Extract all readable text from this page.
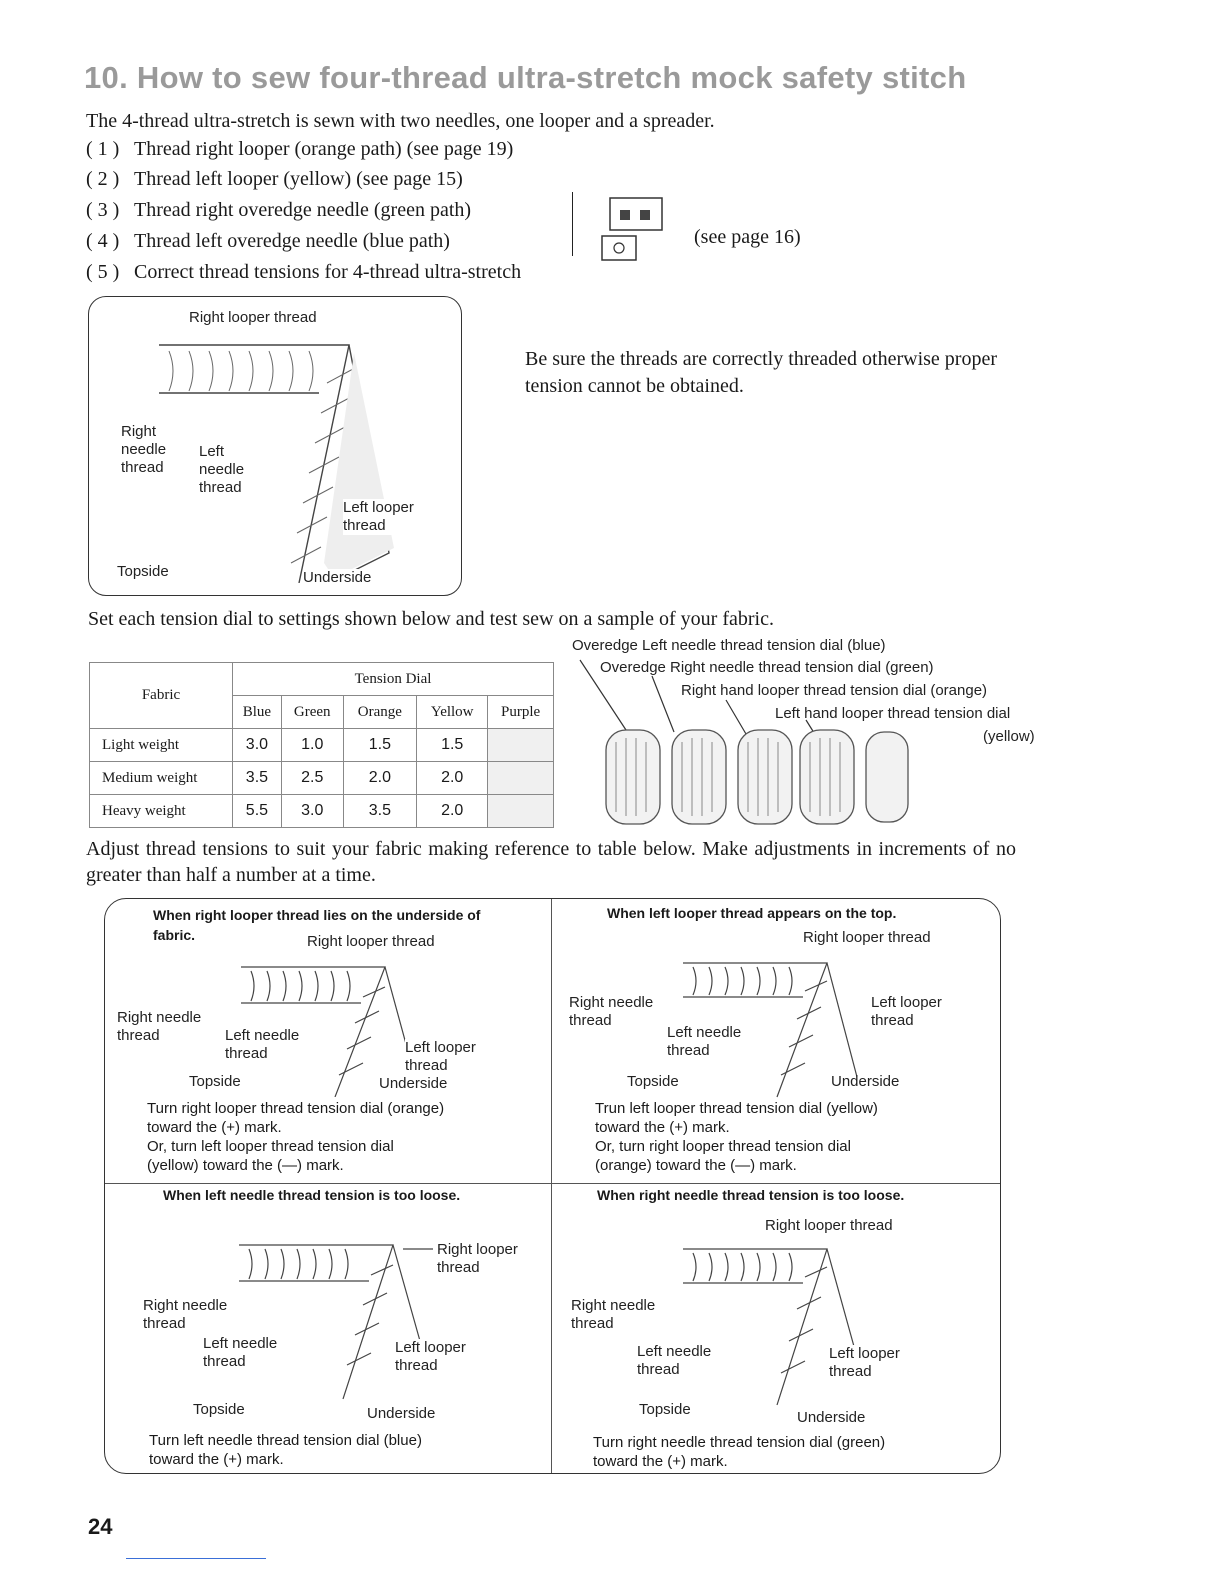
10. How to sew four-thread ultra-stretch mock safety stitch
The 4-thread ultra-stretch is sewn with two needles, one looper and a spreader.
( 1 ) Thread right looper (orange path) (see page 19)
( 2 ) Thread left looper (yellow) (see page 15)
( 3 ) Thread right overedge needle (green path)
( 4 ) Thread left overedge needle (blue path)
( 5 ) Correct thread tensions for 4-thread ultra-stretch
(see page 16)
Right looper thread
Right
needle
thread
Left
needle
thread
Left looper
thread
Topside	Underside
Be sure the threads are correctly threaded otherwise proper tension cannot be obtained.
Set each tension dial to settings shown below and test sew on a sample of your fabric.
Fabric	Tension Dial				
	Blue	Green	Orange	Yellow	Purple
Light weight	3.0	1.0	1.5	1.5	
Medium weight	3.5	2.5	2.0	2.0	
Heavy weight	5.5	3.0	3.5	2.0	
Overedge Left needle thread tension dial (blue)
Overedge Right needle thread tension dial (green)
Right hand looper thread tension dial (orange)
Left hand looper thread tension dial
(yellow)
Adjust thread tensions to suit your fabric making reference to table below. Make adjustments in increments of no greater than half a number at a time.
When right looper thread lies on the underside of fabric.	Right looper thread
Right needle
thread	Left needle
thread	Left looper
thread
Topside	Underside
Turn right looper thread tension dial (orange)
toward the (+) mark.
Or, turn left looper thread tension dial
(yellow) toward the (—) mark.
When left looper thread appears on the top.
Right looper thread
Right needle
thread
Left needle
thread
Left looper
thread
Topside	Underside
Trun left looper thread tension dial (yellow)
toward the (+) mark.
Or, turn right looper thread tension dial
(orange) toward the (—) mark.
When left needle thread tension is too loose.
Right looper
thread
Right needle
thread
Left needle
thread
Left looper
thread
Topside	Underside
Turn left needle thread tension dial (blue)
toward the (+) mark.
When right needle thread tension is too loose.
Right looper thread
Right needle
thread
Left needle
thread
Left looper
thread
Topside	Underside
Turn right needle thread tension dial (green)
toward the (+) mark.
24
